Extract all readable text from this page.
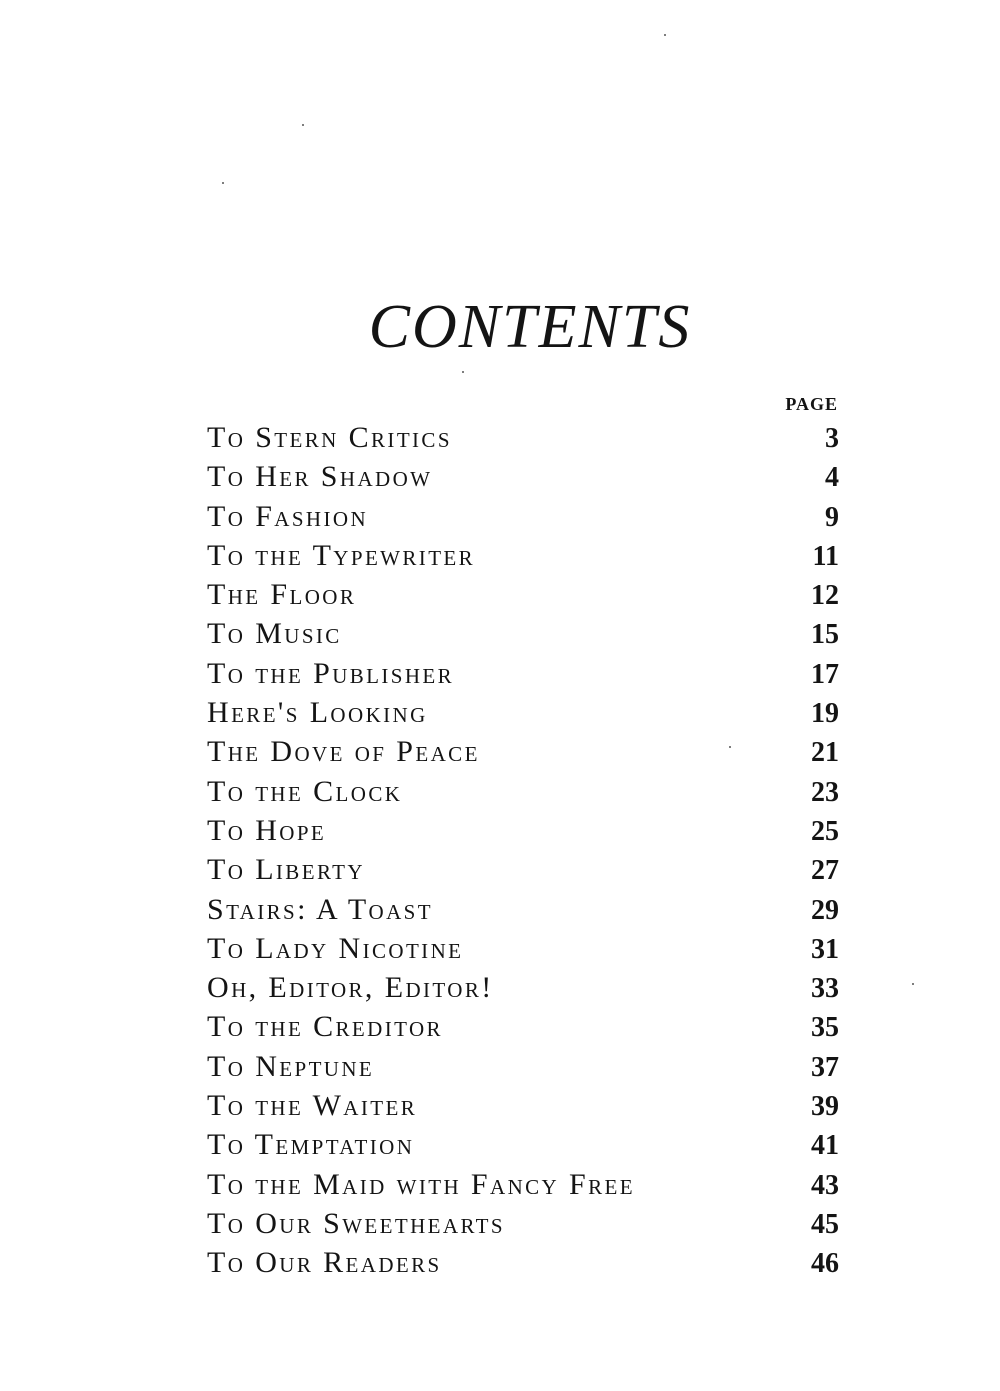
CONTENTS
PAGE
To Stern Critics	3
To Her Shadow	4
To Fashion	9
To the Typewriter	11
The Floor	12
To Music	15
To the Publisher	17
Here's Looking	19
The Dove of Peace	21
To the Clock	23
To Hope	25
To Liberty	27
Stairs: A Toast	29
To Lady Nicotine	31
Oh, Editor, Editor!	33
To the Creditor	35
To Neptune	37
To the Waiter	39
To Temptation	41
To the Maid with Fancy Free	43
To Our Sweethearts	45
To Our Readers	46
